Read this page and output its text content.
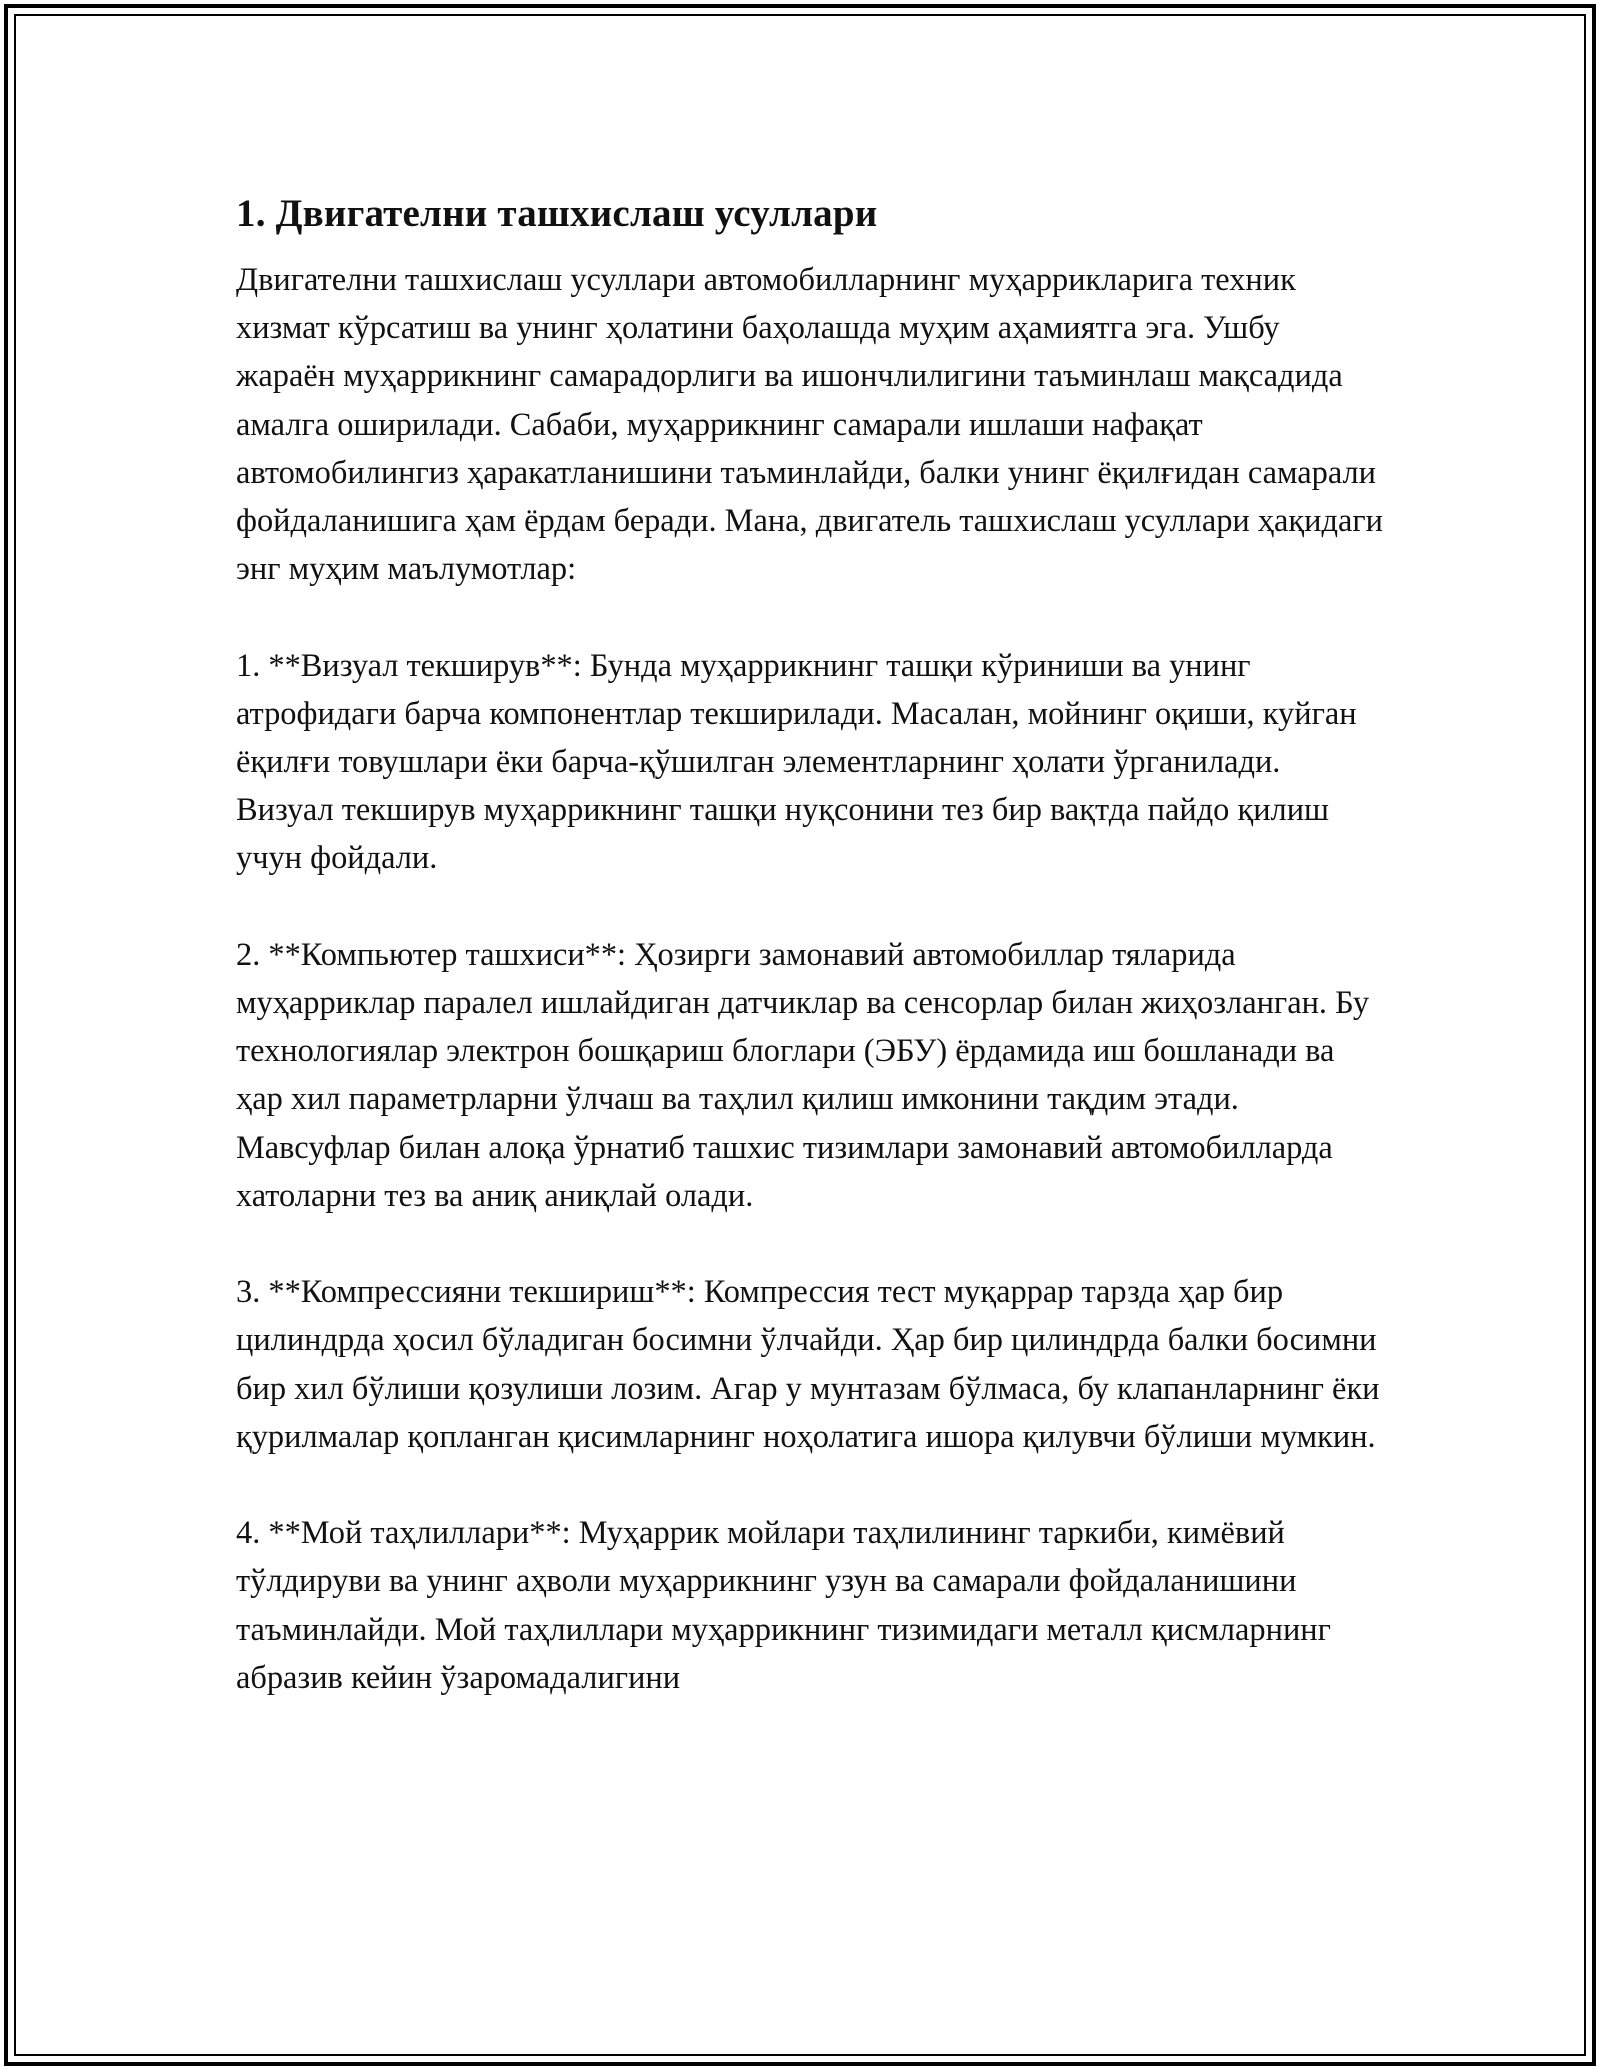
1. Двигателни ташхислаш усуллари

Двигателни ташхислаш усуллари автомобилларнинг муҳаррикларига техник хизмат кўрсатиш ва унинг ҳолатини баҳолашда муҳим аҳамиятга эга. Ушбу жараён муҳаррикнинг самарадорлиги ва ишончлилигини таъминлаш мақсадида амалга оширилади. Сабаби, муҳаррикнинг самарали ишлаши нафақат автомобилингиз ҳаракатланишини таъминлайди, балки унинг ёқилғидан самарали фойдаланишига ҳам ёрдам беради. Мана, двигатель ташхислаш усуллари ҳақидаги энг муҳим маълумотлар:

1. **Визуал текширув**: Бунда муҳаррикнинг ташқи кўриниши ва унинг атрофидаги барча компонентлар текширилади. Масалан, мойнинг оқиши, куйган ёқилғи товушлари ёки барча-қўшилган элементларнинг ҳолати ўрганилади. Визуал текширув муҳаррикнинг ташқи нуқсонини тез бир вақтда пайдо қилиш учун фойдали.

2. **Компьютер ташхиси**: Ҳозирги замонавий автомобиллар тяларида муҳарриклар паралел ишлайдиган датчиклар ва сенсорлар билан жиҳозланган. Бу технологиялар электрон бошқариш блоглари (ЭБУ) ёрдамида иш бошланади ва ҳар хил параметрларни ўлчаш ва таҳлил қилиш имконини тақдим этади. Мавсуфлар билан алоқа ўрнатиб ташхис тизимлари замонавий автомобилларда хатоларни тез ва аниқ аниқлай олади.

3. **Компрессияни текшириш**: Компрессия тест муқаррар тарзда ҳар бир цилиндрда ҳосил бўладиган босимни ўлчайди. Ҳар бир цилиндрда балки босимни бир хил бўлиши қозулиши лозим. Агар у мунтазам бўлмаса, бу клапанларнинг ёки қурилмалар қопланган қисимларнинг ноҳолатига ишора қилувчи бўлиши мумкин.

4. **Мой таҳлиллари**: Муҳаррик мойлари таҳлилининг таркиби, кимёвий тўлдируви ва унинг аҳволи муҳаррикнинг узун ва самарали фойдаланишини таъминлайди. Мой таҳлиллари муҳаррикнинг тизимидаги металл қисмларнинг абразив кейин ўзаромадалигини
